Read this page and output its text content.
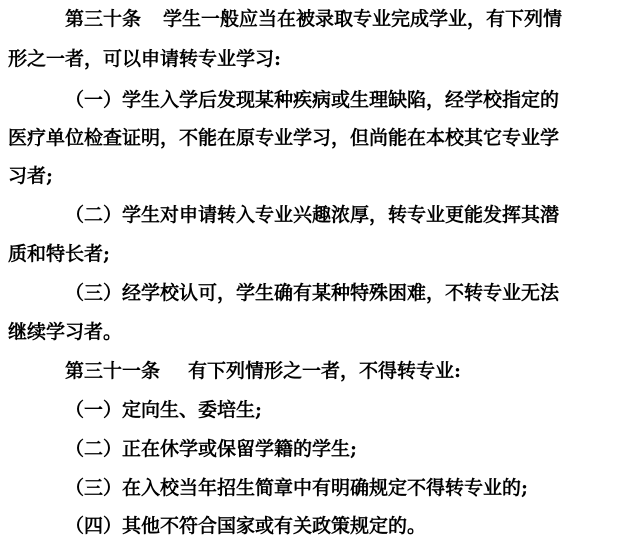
第三十条 学生一般应当在被录取专业完成学业，有下列情
形之一者，可以申请转专业学习:
（一）学生入学后发现某种疾病或生理缺陷，经学校指定的
医疗单位检查证明，不能在原专业学习，但尚能在本校其它专业学
习者;
（二）学生对申请转入专业兴趣浓厚，转专业更能发挥其潜
质和特长者;
（三）经学校认可，学生确有某种特殊困难，不转专业无法
继续学习者。
第三十一条 有下列情形之一者，不得转专业:
（一）定向生、委培生;
（二）正在休学或保留学籍的学生;
（三）在入校当年招生简章中有明确规定不得转专业的;
（四）其他不符合国家或有关政策规定的。
